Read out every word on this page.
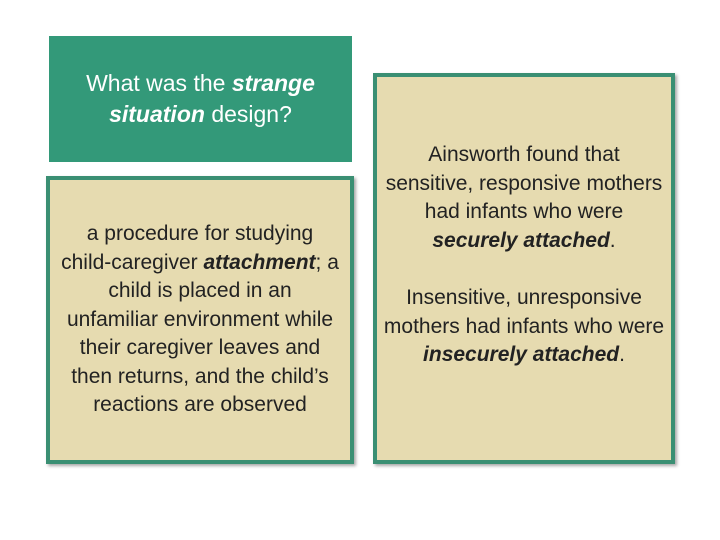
What was the strange situation design?
a procedure for studying child-caregiver attachment; a child is placed in an unfamiliar environment while their caregiver leaves and then returns, and the child’s reactions are observed

Ainsworth found that sensitive, responsive mothers had infants who were securely attached.

Insensitive, unresponsive mothers had infants who were insecurely attached.
